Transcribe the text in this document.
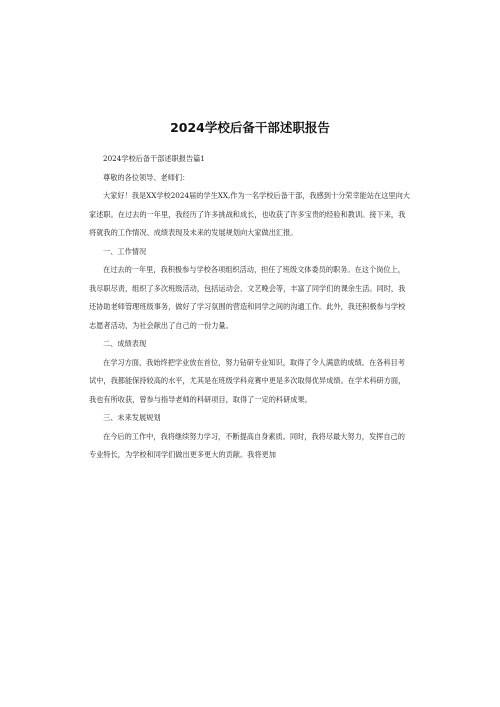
2024学校后备干部述职报告

2024学校后备干部述职报告篇1

尊敬的各位领导、老师们：

大家好！我是XX学校2024届的学生XX,作为一名学校后备干部，我感到十分荣幸能站在这里向大家述职。在过去的一年里，我经历了许多挑战和成长，也收获了许多宝贵的经验和教训。接下来，我将就我的工作情况、成绩表现及未来的发展规划向大家做出汇报。

一、工作情况

在过去的一年里，我积极参与学校各项组织活动，担任了班级文体委员的职务。在这个岗位上，我尽职尽责，组织了多次班级活动，包括运动会、文艺晚会等，丰富了同学们的课余生活。同时，我还协助老师管理班级事务，做好了学习氛围的营造和同学之间的沟通工作。此外，我还积极参与学校志愿者活动，为社会献出了自己的一份力量。

二、成绩表现

在学习方面，我始终把学业放在首位，努力钻研专业知识，取得了令人满意的成绩。在各科目考试中，我都能保持较高的水平，尤其是在班级学科竞赛中更是多次取得优异成绩。在学术科研方面，我也有所收获，曾参与指导老师的科研项目，取得了一定的科研成果。

三、未来发展规划

在今后的工作中，我将继续努力学习，不断提高自身素质。同时，我将尽最大努力，发挥自己的专业特长，为学校和同学们做出更多更大的贡献。我将更加
